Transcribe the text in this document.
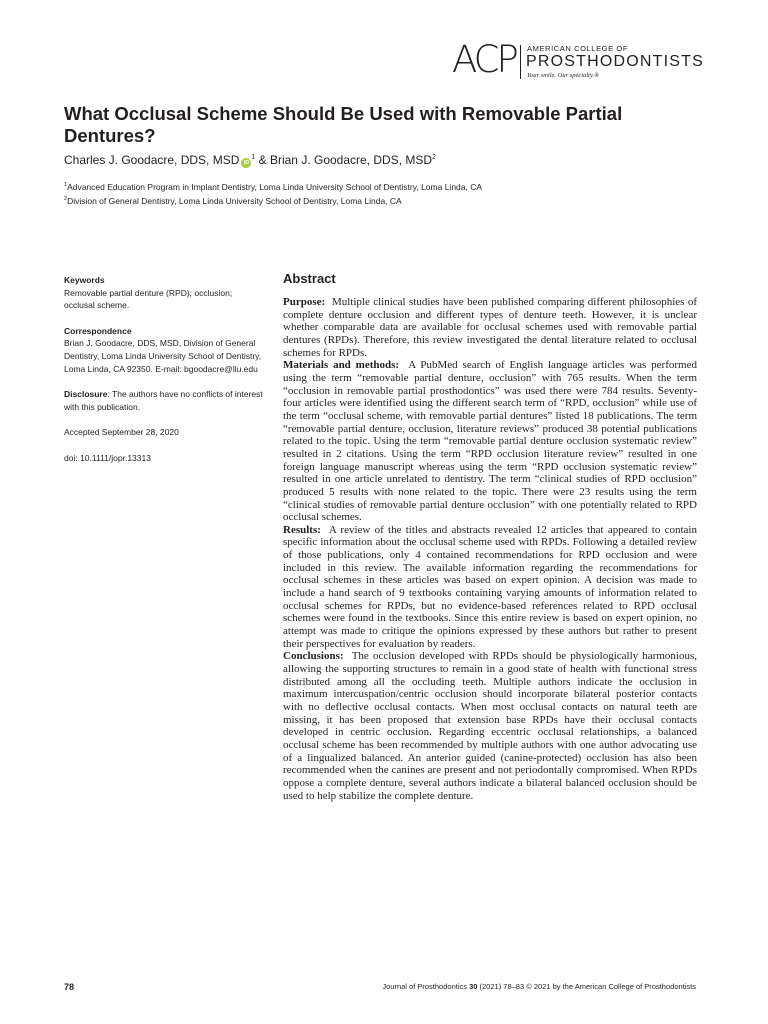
ACP AMERICAN COLLEGE OF
PROSTHODONTISTS
Your smile. Our specialty.®
What Occlusal Scheme Should Be Used with Removable Partial Dentures?
Charles J. Goodacre, DDS, MSD $iD^1$ & Brian J. Goodacre, DDS, MSD$^2$
$^1$Advanced Education Program in Implant Dentistry, Loma Linda University School of Dentistry, Loma Linda, CA
$^2$Division of General Dentistry, Loma Linda University School of Dentistry, Loma Linda, CA
Keywords
Removable partial denture (RPD); occlusion; occlusal scheme.
Correspondence
Brian J. Goodacre, DDS, MSD, Division of General Dentistry, Loma Linda University School of Dentistry, Loma Linda, CA 92350. E-mail: bgoodacre@llu.edu
Disclosure: The authors have no conflicts of interest with this publication.
Accepted September 28, 2020
doi: 10.1111/jopr.13313
Abstract

Purpose: Multiple clinical studies have been published comparing different philosophies of complete denture occlusion and different types of denture teeth. However, it is unclear whether comparable data are available for occlusal schemes used with removable partial dentures (RPDs). Therefore, this review investigated the dental literature related to occlusal schemes for RPDs.

Materials and methods: A PubMed search of English language articles was performed using the term “removable partial denture, occlusion” with 765 results. When the term “occlusion in removable partial prosthodontics” was used there were 784 results. Seventy-four articles were identified using the different search term of “RPD, occlusion” while use of the term “occlusal scheme, with removable partial dentures” listed 18 publications. The term “removable partial denture, occlusion, literature reviews” produced 38 potential publications related to the topic. Using the term “removable partial denture occlusion systematic review” resulted in 2 citations. Using the term “RPD occlusion literature review” resulted in one foreign language manuscript whereas using the term “RPD occlusion systematic review” resulted in one article unrelated to dentistry. The term “clinical studies of RPD occlusion” produced 5 results with none related to the topic. There were 23 results using the term “clinical studies of removable partial denture occlusion” with one potentially related to RPD occlusal schemes.

Results: A review of the titles and abstracts revealed 12 articles that appeared to contain specific information about the occlusal scheme used with RPDs. Following a detailed review of those publications, only 4 contained recommendations for RPD occlusion and were included in this review. The available information regarding the recommendations for occlusal schemes in these articles was based on expert opinion. A decision was made to include a hand search of 9 textbooks containing varying amounts of information related to occlusal schemes for RPDs, but no evidence-based references related to RPD occlusal schemes were found in the textbooks. Since this entire review is based on expert opinion, no attempt was made to critique the opinions expressed by these authors but rather to present their perspectives for evaluation by readers.

Conclusions: The occlusion developed with RPDs should be physiologically harmonious, allowing the supporting structures to remain in a good state of health with functional stress distributed among all the occluding teeth. Multiple authors indicate the occlusion in maximum intercuspation/centric occlusion should incorporate bilateral posterior contacts with no deflective occlusal contacts. When most occlusal contacts on natural teeth are missing, it has been proposed that extension base RPDs have their occlusal contacts developed in centric occlusion. Regarding eccentric occlusal relationships, a balanced occlusal scheme has been recommended by multiple authors with one author advocating use of a lingualized balanced. An anterior guided (canine-protected) occlusion has also been recommended when the canines are present and not periodontally compromised. When RPDs oppose a complete denture, several authors indicate a bilateral balanced occlusion should be used to help stabilize the complete denture.

78	Journal of Prosthodontics 30 (2021) 78–83 © 2021 by the American College of Prosthodontists
